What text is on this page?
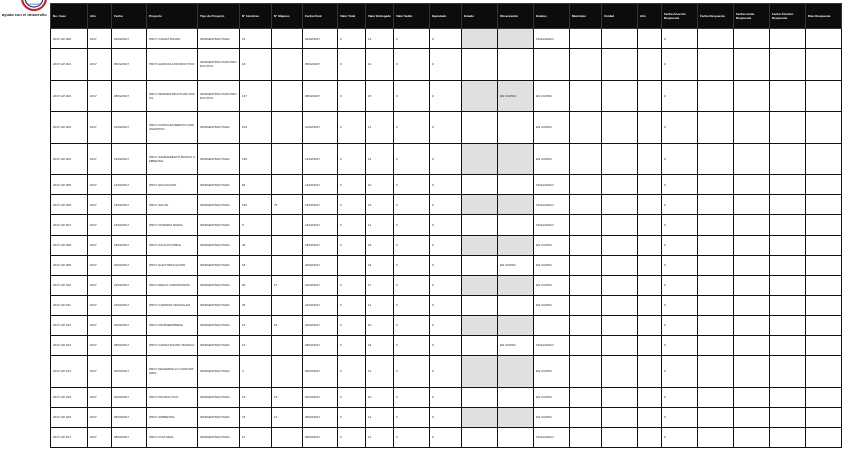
Fundación
ayuda con el desarrollo No. Caso	Año	Fecha	Proyecto	Tipo de Proyecto	N° Hombres	N° Mujeres	Fecha Final	Valor Total	Valor Entregado	Valor Saldo	Ejecutado	Estado	Observación	Estatus	Municipio	Unidad	Año	Fecha Acuerdo Respuesta	Fecha Respuesta	Fecha Límite Respuesta	Fecha Término Respuesta	Días Respuesta
2017-GP-000	2017	03/02/2017	PROY CAPACITACION	INFRAESTRUCTURA	15		03/02/2017	0	12	0	0			FINALIZADO				0				
2017-GP-001	2017	05/02/2017	PROY AGRICOLA PRODUCTIVO	INFRAESTRUCTURA PRODUCTIVA	16		05/02/2017	0	14	0	0							0				
2017-GP-002	2017	08/02/2017	PROY INFRAESTRUCTURA SOCIAL	INFRAESTRUCTURA PRODUCTIVA	137		08/02/2017	0	15	0	0		EN CURSO	EN CURSO				0				
2017-GP-003	2017	10/02/2017	PROY FORTALECIMIENTO ORGANIZATIVO	INFRAESTRUCTURA	104		10/02/2017	0	11	0	0			EN CURSO				0				
2017-GP-004	2017	12/02/2017	PROY SANEAMIENTO BASICO AMBIENTAL	INFRAESTRUCTURA	120		12/02/2017	0	14	0	0			EN CURSO				0				
2017-GP-005	2017	14/02/2017	PROY EDUCACION	INFRAESTRUCTURA	84		14/02/2017	0	10	0	0			FINALIZADO				0				
2017-GP-006	2017	15/02/2017	PROY SALUD	INFRAESTRUCTURA	120	75	15/02/2017	0	13	0	0			FINALIZADO				0				
2017-GP-007	2017	16/02/2017	PROY VIVIENDA RURAL	INFRAESTRUCTURA	6		16/02/2017	0	11	0	0			FINALIZADO				0				
2017-GP-008	2017	18/02/2017	PROY AGUA POTABLE	INFRAESTRUCTURA	44		18/02/2017	0	16	0	0			EN CURSO				0				
2017-GP-009	2017	20/02/2017	PROY ELECTRIFICACION	INFRAESTRUCTURA	18		20/02/2017		16	0	0		EN CURSO	EN CURSO				0				
2017-GP-010	2017	22/02/2017	PROY RIEGO COMUNITARIO	INFRAESTRUCTURA	60	17	22/02/2017	0	17	0	0			EN CURSO				0				
2017-GP-011	2017	24/02/2017	PROY CAMINOS VECINALES	INFRAESTRUCTURA	25		24/02/2017	0	11	0	0			EN CURSO				0				
2017-GP-012	2017	26/02/2017	PROY MICROEMPRESA	INFRAESTRUCTURA	14	16	26/02/2017	0	10	0	0							0				
2017-GP-013	2017	28/02/2017	PROY CAPACITACION TECNICA	INFRAESTRUCTURA	13		28/02/2017	0	16	0	0		EN CURSO	FINALIZADO				0				
2017-GP-014	2017	02/03/2017	PROY DESARROLLO COMUNITARIO	INFRAESTRUCTURA	4		02/03/2017	0	14	0	0			EN CURSO				0				
2017-GP-015	2017	04/03/2017	PROY PRODUCTIVO	INFRAESTRUCTURA	13	13	04/03/2017	0	10	0	0			EN CURSO				0				
2017-GP-016	2017	06/03/2017	PROY AMBIENTAL	INFRAESTRUCTURA	74	12	06/03/2017	0	12	0	0			EN CURSO				0				
2017-GP-017	2017	08/03/2017	PROY CULTURAL	INFRAESTRUCTURA	11		08/03/2017	0	11	0	0			FINALIZADO				0				
